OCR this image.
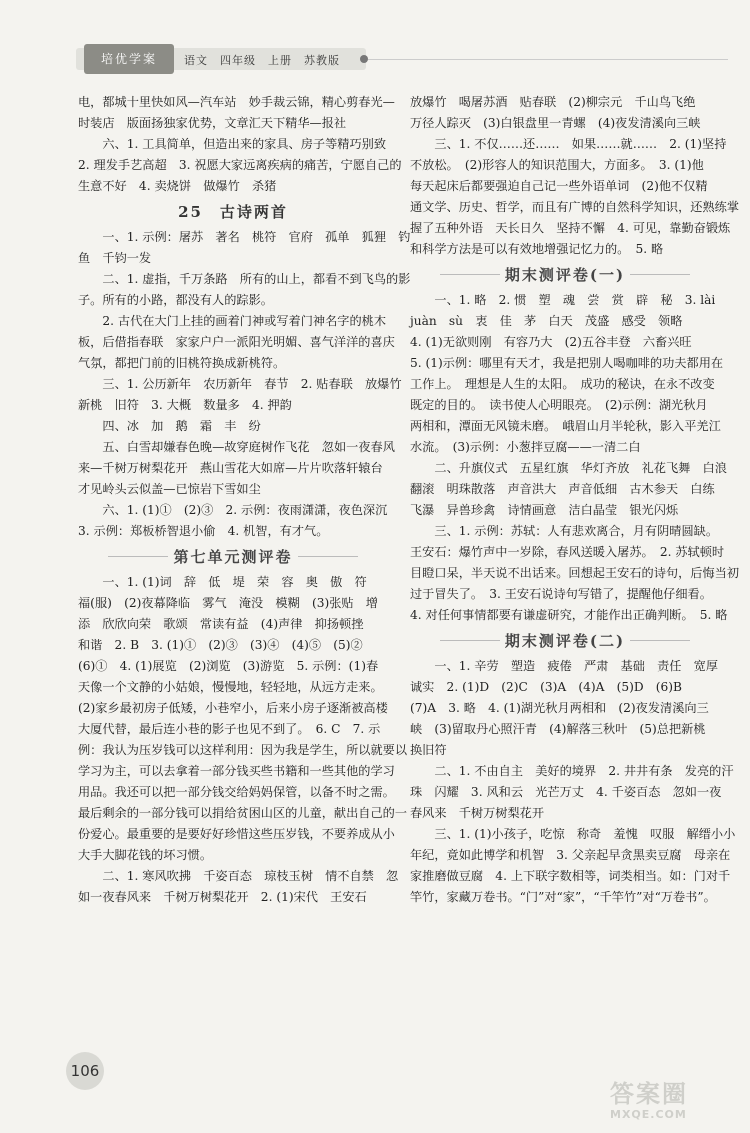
培优学案	语文　四年级　上册　苏教版

电，都城十里快如风—汽车站　妙手裁云锦，精心剪春光—

时装店　版面扬独家优势，文章汇天下精华—报社

六、1. 工具简单，但造出来的家具、房子等精巧别致

2. 理发手艺高超　3. 祝愿大家远离疾病的痛苦，宁愿自己的

生意不好　4. 卖烧饼　做爆竹　杀猪

25　古诗两首

一、1. 示例：屠苏　著名　桃符　官府　孤单　狐狸　钓

鱼　千钧一发

二、1. 虚指，千万条路　所有的山上，都看不到飞鸟的影

子。所有的小路，都没有人的踪影。

2. 古代在大门上挂的画着门神或写着门神名字的桃木

板，后借指春联　家家户户一派阳光明媚、喜气洋洋的喜庆

气氛，都把门前的旧桃符换成新桃符。

三、1. 公历新年　农历新年　春节　2. 贴春联　放爆竹

新桃　旧符　3. 大概　数量多　4. 押韵

四、冰　加　鹅　霜　丰　纷

五、白雪却嫌春色晚—故穿庭树作飞花　忽如一夜春风

来—千树万树梨花开　燕山雪花大如席—片片吹落轩辕台

才见岭头云似盖—已惊岩下雪如尘

六、1. (1)①　(2)③　2. 示例：夜雨潇潇，夜色深沉

3. 示例：郑板桥智退小偷　4. 机智，有才气。

第七单元测评卷

一、1. (1)词　辞　低　堤　荣　容　奥　傲　符

福(服)　(2)夜幕降临　雾气　淹没　模糊　(3)张贴　增

添　欣欣向荣　歌颂　常读有益　(4)声律　抑扬顿挫

和谐　2. B　3. (1)①　(2)③　(3)④　(4)⑤　(5)②

(6)①　4. (1)展览　(2)浏览　(3)游览　5. 示例：(1)春

天像一个文静的小姑娘，慢慢地，轻轻地，从远方走来。

(2)家乡最初房子低矮，小巷窄小，后来小房子逐渐被高楼

大厦代替，最后连小巷的影子也见不到了。　6. C　7. 示

例：我认为压岁钱可以这样利用：因为我是学生，所以就要以

学习为主，可以去拿着一部分钱买些书籍和一些其他的学习

用品。我还可以把一部分钱交给妈妈保管，以备不时之需。

最后剩余的一部分钱可以捐给贫困山区的儿童，献出自己的一

份爱心。最重要的是要好好珍惜这些压岁钱，不要养成从小

大手大脚花钱的坏习惯。

二、1. 寒风吹拂　千姿百态　琼枝玉树　情不自禁　忽

如一夜春风来　千树万树梨花开　2. (1)宋代　王安石

放爆竹　喝屠苏酒　贴春联　(2)柳宗元　千山鸟飞绝

万径人踪灭　(3)白银盘里一青螺　(4)夜发清溪向三峡

三、1. 不仅……还……　如果……就……　2. (1)坚持

不放松。　(2)形容人的知识范围大，方面多。　3. (1)他

每天起床后都要强迫自己记一些外语单词　(2)他不仅精

通文学、历史、哲学，而且有广博的自然科学知识，还熟练掌

握了五种外语　天长日久　坚持不懈　4. 可见，靠勤奋锻炼

和科学方法是可以有效地增强记忆力的。　5. 略

期末测评卷(一)

一、1. 略　2. 惯　塑　魂　尝　赏　辟　秘　3. lài

juàn　sù　衷　佳　茅　白天　茂盛　感受　领略

4. (1)无欲则刚　有容乃大　(2)五谷丰登　六畜兴旺

5. (1)示例：哪里有天才，我是把别人喝咖啡的功夫都用在

工作上。　理想是人生的太阳。　成功的秘诀，在永不改变

既定的目的。　读书使人心明眼亮。　(2)示例：湖光秋月

两相和，潭面无风镜未磨。　峨眉山月半轮秋，影入平羌江

水流。　(3)示例：小葱拌豆腐——一清二白

二、升旗仪式　五星红旗　华灯齐放　礼花飞舞　白浪

翻滚　明珠散落　声音洪大　声音低细　古木参天　白练

飞瀑　异兽珍禽　诗情画意　洁白晶莹　银光闪烁

三、1. 示例：苏轼：人有悲欢离合，月有阴晴圆缺。

王安石：爆竹声中一岁除，春风送暖入屠苏。　2. 苏轼顿时

目瞪口呆，半天说不出话来。回想起王安石的诗句，后悔当初

过于冒失了。　3. 王安石说诗句写错了，提醒他仔细看。

4. 对任何事情都要有谦虚研究，才能作出正确判断。　5. 略

期末测评卷(二)

一、1. 辛劳　塑造　疲倦　严肃　基础　责任　宽厚

诚实　2. (1)D　(2)C　(3)A　(4)A　(5)D　(6)B

(7)A　3. 略　4. (1)湖光秋月两相和　(2)夜发清溪向三

峡　(3)留取丹心照汗青　(4)解落三秋叶　(5)总把新桃

换旧符

二、1. 不由自主　美好的境界　2. 井井有条　发亮的汗

珠　闪耀　3. 风和云　光芒万丈　4. 千姿百态　忽如一夜

春风来　千树万树梨花开

三、1. (1)小孩子，吃惊　称奇　羞愧　叹服　解缙小小

年纪，竟如此博学和机智　3. 父亲起早贪黑卖豆腐　母亲在

家推磨做豆腐　4. 上下联字数相等，词类相当。如：门对千

竿竹，家藏万卷书。“门”对“家”，“千竿竹”对“万卷书”。

106
答案圈
MXQE.COM
